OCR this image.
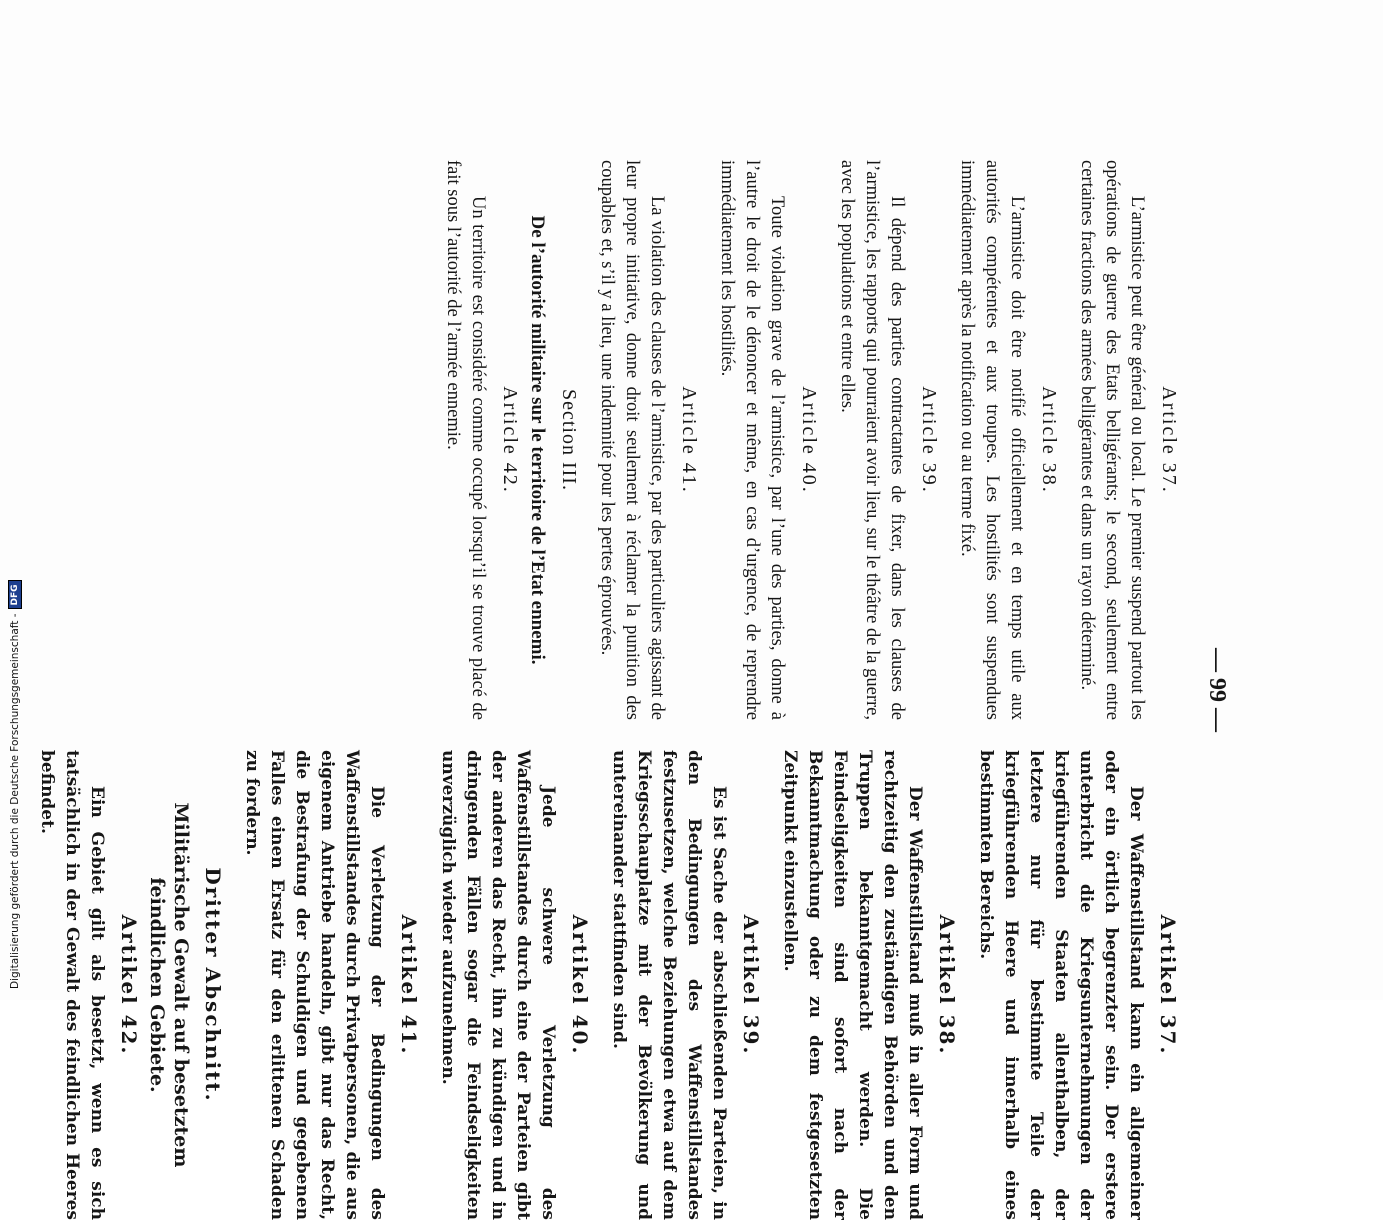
— 99 —
Article 37.

L’armistice peut être général ou local. Le premier suspend partout les opérations de guerre des Etats belligérants; le second, seulement entre certaines fractions des armées belligérantes et dans un rayon déterminé.

Article 38.

L’armistice doit être notifié officiellement et en temps utile aux autorités compétentes et aux troupes. Les hostilités sont suspendues immédiatement après la notification ou au terme fixé.

Article 39.

Il dépend des parties contractantes de fixer, dans les clauses de l’armistice, les rapports qui pourraient avoir lieu, sur le théâtre de la guerre, avec les populations et entre elles.

Article 40.

Toute violation grave de l’armistice, par l’une des parties, donne à l’autre le droit de le dénoncer et même, en cas d’urgence, de reprendre immédiatement les hostilités.

Article 41.

La violation des clauses de l’armistice, par des particuliers agissant de leur propre initiative, donne droit seulement à réclamer la punition des coupables et, s’il y a lieu, une indemnité pour les pertes éprouvées.

Section III.
De l’autorité militaire sur le territoire de l’Etat ennemi.
Article 42.

Un territoire est considéré comme occupé lorsqu’il se trouve placé de fait sous l’autorité de l’armée ennemie.

Artikel 37.

Der Waffenstillstand kann ein allgemeiner oder ein örtlich begrenzter sein. Der erstere unterbricht die Kriegsunternehmungen der kriegführenden Staaten allenthalben, der letztere nur für bestimmte Teile der kriegführenden Heere und innerhalb eines bestimmten Bereichs.

Artikel 38.

Der Waffenstillstand muß in aller Form und rechtzeitig den zuständigen Behörden und den Truppen bekanntgemacht werden. Die Feindseligkeiten sind sofort nach der Bekanntmachung oder zu dem festgesetzten Zeitpunkt einzustellen.

Artikel 39.

Es ist Sache der abschließenden Parteien, in den Bedingungen des Waffenstillstandes festzusetzen, welche Beziehungen etwa auf dem Kriegsschauplatze mit der Bevölkerung und untereinander stattfinden sind.

Artikel 40.

Jede schwere Verletzung des Waffenstillstandes durch eine der Parteien gibt der anderen das Recht, ihn zu kündigen und in dringenden Fällen sogar die Feindseligkeiten unverzüglich wieder aufzunehmen.

Artikel 41.

Die Verletzung der Bedingungen des Waffenstillstandes durch Privatpersonen, die aus eigenem Antriebe handeln, gibt nur das Recht, die Bestrafung der Schuldigen und gegebenen Falles einen Ersatz für den erlittenen Schaden zu fordern.

Dritter Abschnitt.
Militärische Gewalt auf besetztem feindlichen Gebiete.
Artikel 42.

Ein Gebiet gilt als besetzt, wenn es sich tatsächlich in der Gewalt des feindlichen Heeres befindet.

Digitalisierung gefördert durch die Deutsche Forschungsgemeinschaft -
DFG
